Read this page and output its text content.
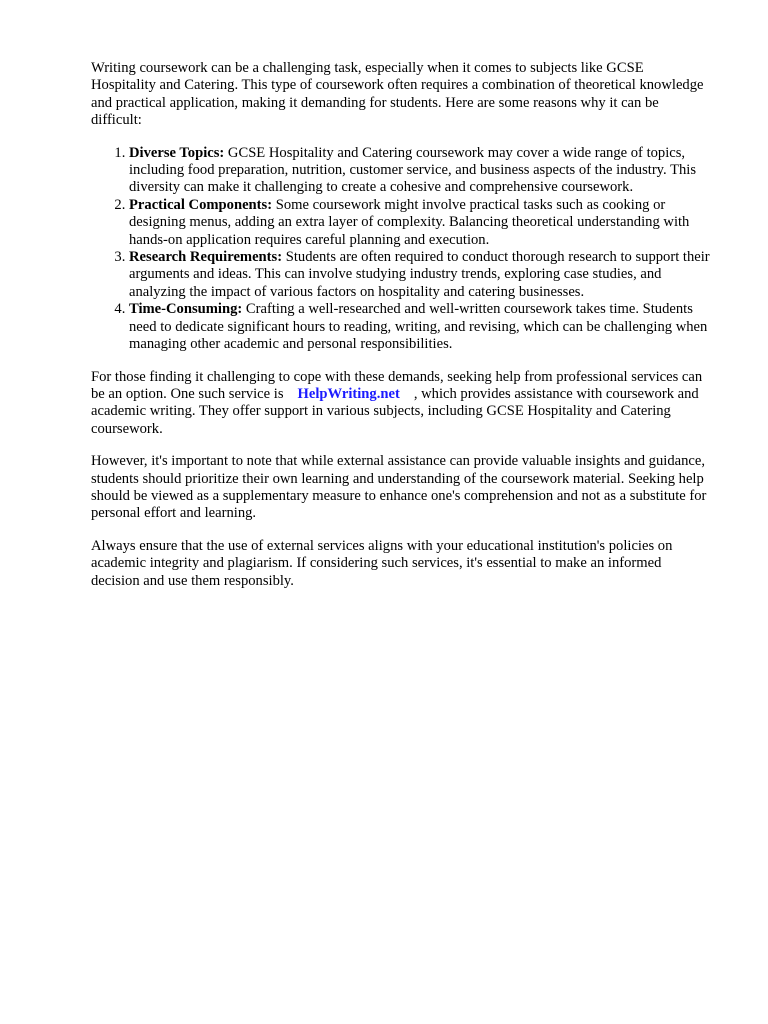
Writing coursework can be a challenging task, especially when it comes to subjects like GCSE Hospitality and Catering. This type of coursework often requires a combination of theoretical knowledge and practical application, making it demanding for students. Here are some reasons why it can be difficult:

1. Diverse Topics: GCSE Hospitality and Catering coursework may cover a wide range of topics, including food preparation, nutrition, customer service, and business aspects of the industry. This diversity can make it challenging to create a cohesive and comprehensive coursework.
2. Practical Components: Some coursework might involve practical tasks such as cooking or designing menus, adding an extra layer of complexity. Balancing theoretical understanding with hands-on application requires careful planning and execution.
3. Research Requirements: Students are often required to conduct thorough research to support their arguments and ideas. This can involve studying industry trends, exploring case studies, and analyzing the impact of various factors on hospitality and catering businesses.
4. Time-Consuming: Crafting a well-researched and well-written coursework takes time. Students need to dedicate significant hours to reading, writing, and revising, which can be challenging when managing other academic and personal responsibilities.

For those finding it challenging to cope with these demands, seeking help from professional services can be an option. One such service is HelpWriting.net , which provides assistance with coursework and academic writing. They offer support in various subjects, including GCSE Hospitality and Catering coursework.

However, it's important to note that while external assistance can provide valuable insights and guidance, students should prioritize their own learning and understanding of the coursework material. Seeking help should be viewed as a supplementary measure to enhance one's comprehension and not as a substitute for personal effort and learning.

Always ensure that the use of external services aligns with your educational institution's policies on academic integrity and plagiarism. If considering such services, it's essential to make an informed decision and use them responsibly.
